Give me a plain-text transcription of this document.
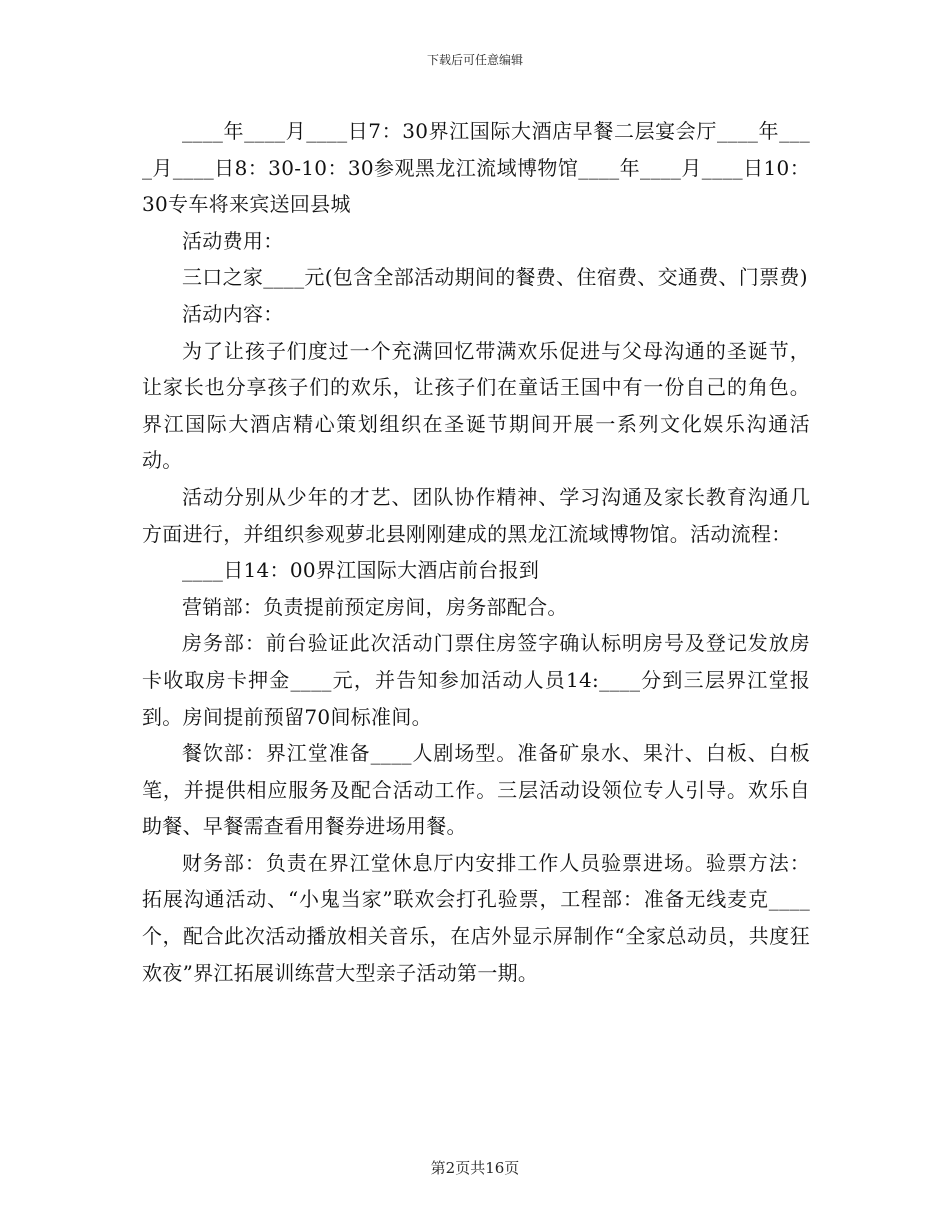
下载后可任意编辑

____年____月____日7：30界江国际大酒店早餐二层宴会厅____年____月____日8：30-10：30参观黑龙江流域博物馆____年____月____日10：30专车将来宾送回县城

活动费用：

三口之家____元(包含全部活动期间的餐费、住宿费、交通费、门票费)

活动内容：

为了让孩子们度过一个充满回忆带满欢乐促进与父母沟通的圣诞节，让家长也分享孩子们的欢乐，让孩子们在童话王国中有一份自己的角色。界江国际大酒店精心策划组织在圣诞节期间开展一系列文化娱乐沟通活动。

活动分别从少年的才艺、团队协作精神、学习沟通及家长教育沟通几方面进行，并组织参观萝北县刚刚建成的黑龙江流域博物馆。活动流程：

____日14：00界江国际大酒店前台报到

营销部：负责提前预定房间，房务部配合。

房务部：前台验证此次活动门票住房签字确认标明房号及登记发放房卡收取房卡押金____元，并告知参加活动人员14:____分到三层界江堂报到。房间提前预留70间标准间。

餐饮部：界江堂准备____人剧场型。准备矿泉水、果汁、白板、白板笔，并提供相应服务及配合活动工作。三层活动设领位专人引导。欢乐自助餐、早餐需查看用餐券进场用餐。

财务部：负责在界江堂休息厅内安排工作人员验票进场。验票方法：拓展沟通活动、“小鬼当家”联欢会打孔验票，工程部：准备无线麦克____个，配合此次活动播放相关音乐，在店外显示屏制作“全家总动员，共度狂欢夜”界江拓展训练营大型亲子活动第一期。

第2页共16页
